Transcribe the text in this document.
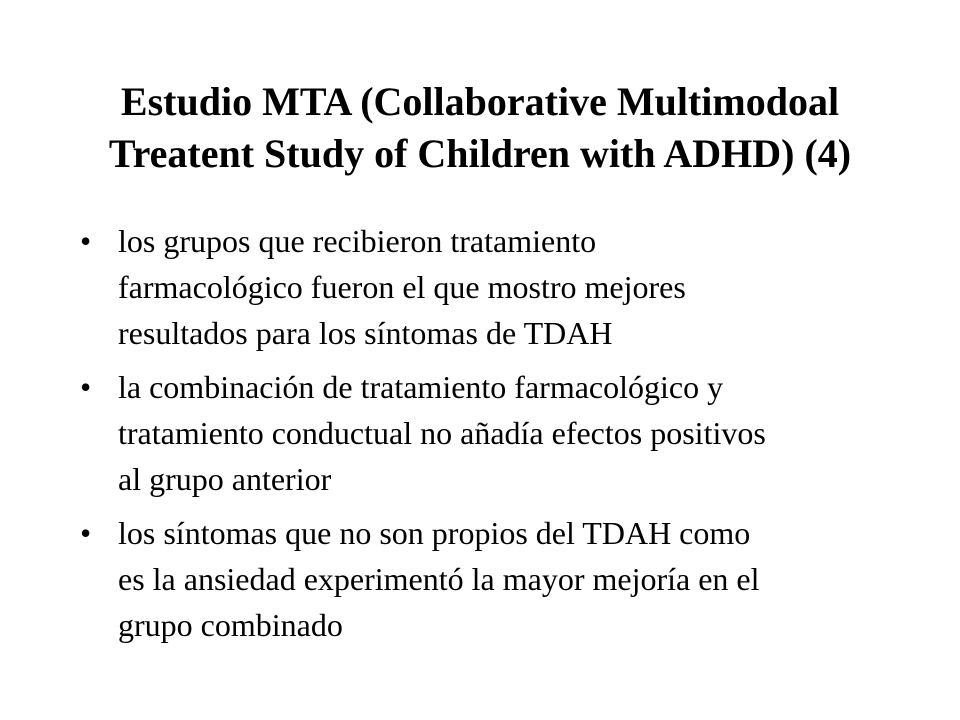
Estudio MTA (Collaborative Multimodoal
Treatent Study of Children with ADHD) (4)
• los grupos que recibieron tratamiento
farmacológico fueron el que mostro mejores
resultados para los síntomas de TDAH
• la combinación de tratamiento farmacológico y
tratamiento conductual no añadía efectos positivos
al grupo anterior
• los síntomas que no son propios del TDAH como
es la ansiedad experimentó la mayor mejoría en el
grupo combinado
